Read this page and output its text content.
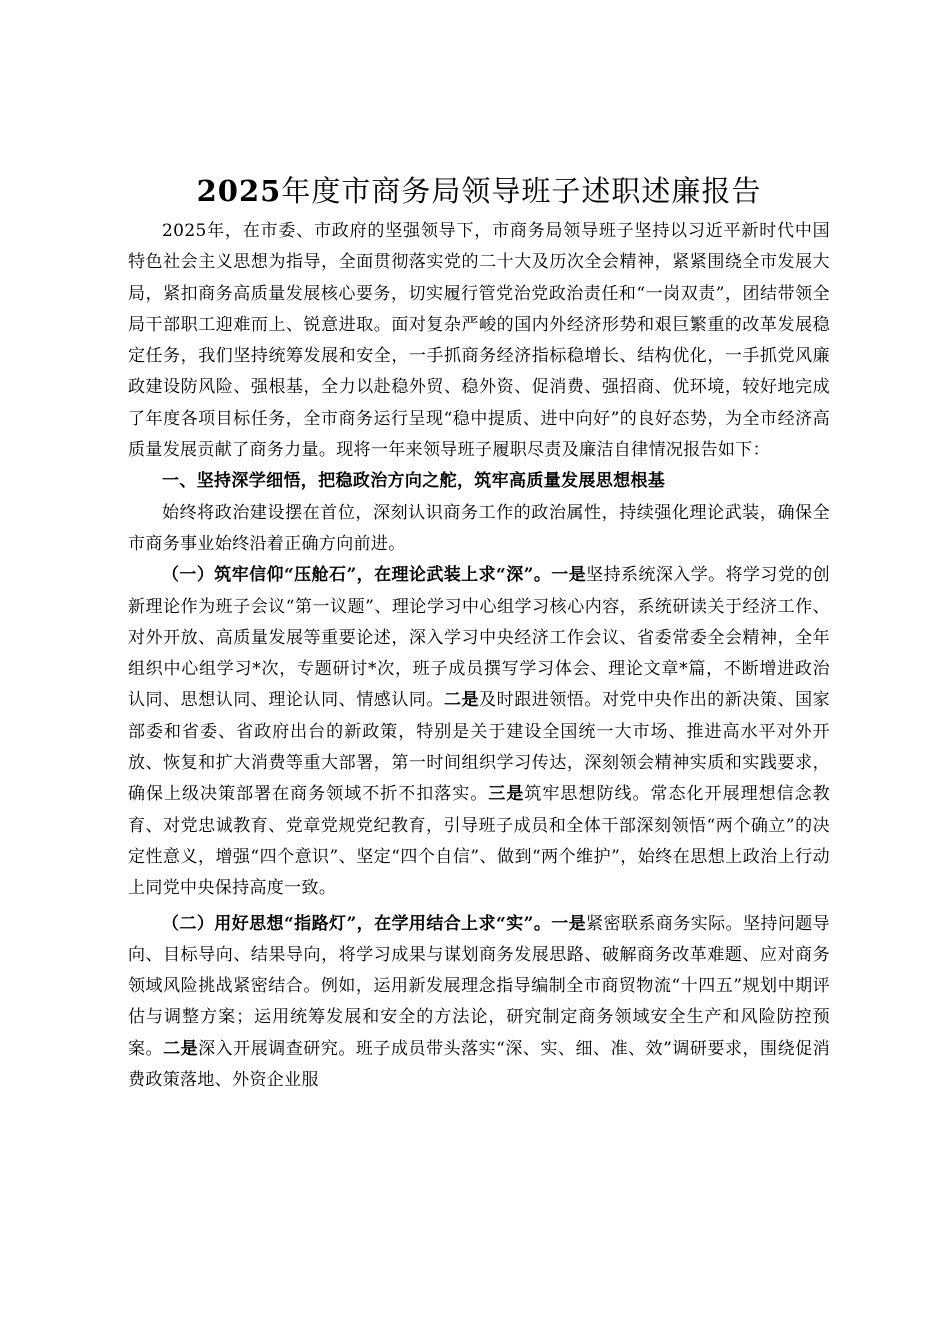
2025年度市商务局领导班子述职述廉报告

2025年，在市委、市政府的坚强领导下，市商务局领导班子坚持以习近平新时代中国特色社会主义思想为指导，全面贯彻落实党的二十大及历次全会精神，紧紧围绕全市发展大局，紧扣商务高质量发展核心要务，切实履行管党治党政治责任和“一岗双责”，团结带领全局干部职工迎难而上、锐意进取。面对复杂严峻的国内外经济形势和艰巨繁重的改革发展稳定任务，我们坚持统筹发展和安全，一手抓商务经济指标稳增长、结构优化，一手抓党风廉政建设防风险、强根基，全力以赴稳外贸、稳外资、促消费、强招商、优环境，较好地完成了年度各项目标任务，全市商务运行呈现“稳中提质、进中向好”的良好态势，为全市经济高质量发展贡献了商务力量。现将一年来领导班子履职尽责及廉洁自律情况报告如下：

一、坚持深学细悟，把稳政治方向之舵，筑牢高质量发展思想根基

始终将政治建设摆在首位，深刻认识商务工作的政治属性，持续强化理论武装，确保全市商务事业始终沿着正确方向前进。

（一）筑牢信仰“压舱石”，在理论武装上求“深”。一是坚持系统深入学。将学习党的创新理论作为班子会议“第一议题”、理论学习中心组学习核心内容，系统研读关于经济工作、对外开放、高质量发展等重要论述，深入学习中央经济工作会议、省委常委全会精神，全年组织中心组学习*次，专题研讨*次，班子成员撰写学习体会、理论文章*篇，不断增进政治认同、思想认同、理论认同、情感认同。二是及时跟进领悟。对党中央作出的新决策、国家部委和省委、省政府出台的新政策，特别是关于建设全国统一大市场、推进高水平对外开放、恢复和扩大消费等重大部署，第一时间组织学习传达，深刻领会精神实质和实践要求，确保上级决策部署在商务领域不折不扣落实。三是筑牢思想防线。常态化开展理想信念教育、对党忠诚教育、党章党规党纪教育，引导班子成员和全体干部深刻领悟“两个确立”的决定性意义，增强“四个意识”、坚定“四个自信”、做到“两个维护”，始终在思想上政治上行动上同党中央保持高度一致。

（二）用好思想“指路灯”，在学用结合上求“实”。一是紧密联系商务实际。坚持问题导向、目标导向、结果导向，将学习成果与谋划商务发展思路、破解商务改革难题、应对商务领域风险挑战紧密结合。例如，运用新发展理念指导编制全市商贸物流“十四五”规划中期评估与调整方案；运用统筹发展和安全的方法论，研究制定商务领域安全生产和风险防控预案。二是深入开展调查研究。班子成员带头落实“深、实、细、准、效”调研要求，围绕促消费政策落地、外资企业服
